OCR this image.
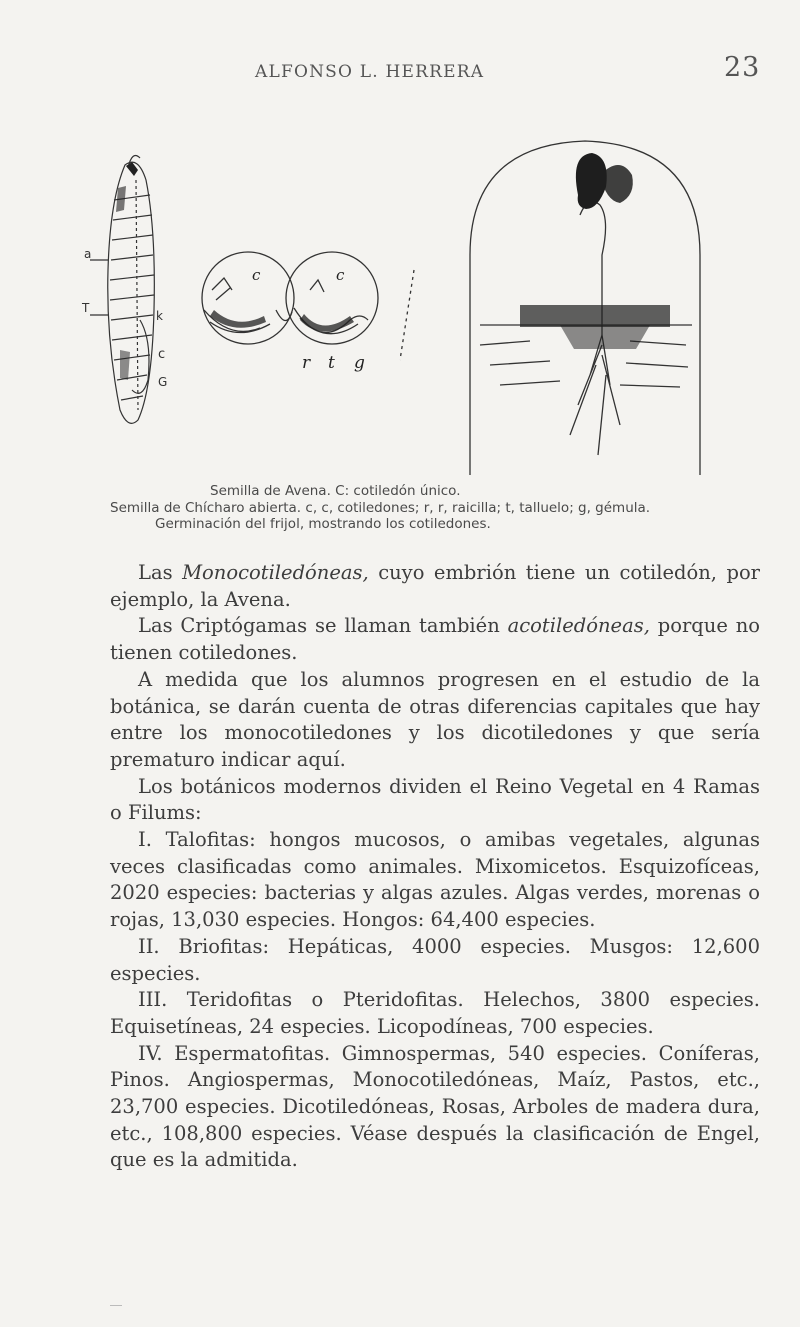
ALFONSO L. HERRERA	23
a
T
k
c
G
c	c
r t g
Semilla de Avena. C: cotiledón único.
Semilla de Chícharo abierta. c, c, cotiledones; r, r, raicilla; t, talluelo; g, gémula.
Germinación del frijol, mostrando los cotiledones.

Las Monocotiledóneas, cuyo embrión tiene un cotiledón, por ejemplo, la Avena.

Las Criptógamas se llaman también acotiledóneas, porque no tienen cotiledones.

A medida que los alumnos progresen en el estudio de la botánica, se darán cuenta de otras diferencias capitales que hay entre los monocotiledones y los dicotiledones y que sería prematuro indicar aquí.

Los botánicos modernos dividen el Reino Vegetal en 4 Ramas o Filums:

I. Talofitas: hongos mucosos, o amibas vegetales, algunas veces clasificadas como animales. Mixomicetos. Esquizofíceas, 2020 especies: bacterias y algas azules. Algas verdes, morenas o rojas, 13,030 especies. Hongos: 64,400 especies.

II. Briofitas: Hepáticas, 4000 especies. Musgos: 12,600 especies.

III. Teridofitas o Pteridofitas. Helechos, 3800 especies. Equisetíneas, 24 especies. Licopodíneas, 700 especies.

IV. Espermatofitas. Gimnospermas, 540 especies. Coníferas, Pinos. Angiospermas, Monocotiledóneas, Maíz, Pastos, etc., 23,700 especies. Dicotiledóneas, Rosas, Arboles de madera dura, etc., 108,800 especies. Véase después la clasificación de Engel, que es la admitida.
